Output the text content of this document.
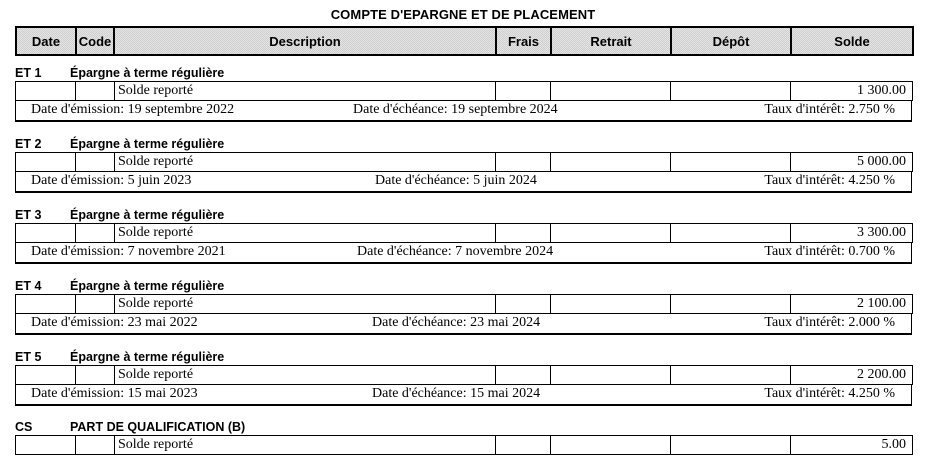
COMPTE D'EPARGNE ET DE PLACEMENT
Date	Code	Description	Frais	Retrait	Dépôt	Solde
ET 1 Épargne à terme régulière
		Solde reporté				1 300.00
Date d'émission: 19 septembre 2022	Date d'échéance: 19 septembre 2024	Taux d'intérêt: 2.750 %
ET 2 Épargne à terme régulière
		Solde reporté				5 000.00
Date d'émission: 5 juin 2023	Date d'échéance: 5 juin 2024	Taux d'intérêt: 4.250 %
ET 3 Épargne à terme régulière
		Solde reporté				3 300.00
Date d'émission: 7 novembre 2021	Date d'échéance: 7 novembre 2024	Taux d'intérêt: 0.700 %
ET 4 Épargne à terme régulière
		Solde reporté				2 100.00
Date d'émission: 23 mai 2022	Date d'échéance: 23 mai 2024	Taux d'intérêt: 2.000 %
ET 5 Épargne à terme régulière
		Solde reporté				2 200.00
Date d'émission: 15 mai 2023	Date d'échéance: 15 mai 2024	Taux d'intérêt: 4.250 %
CS	PART DE QUALIFICATION (B)
		Solde reporté				5.00
